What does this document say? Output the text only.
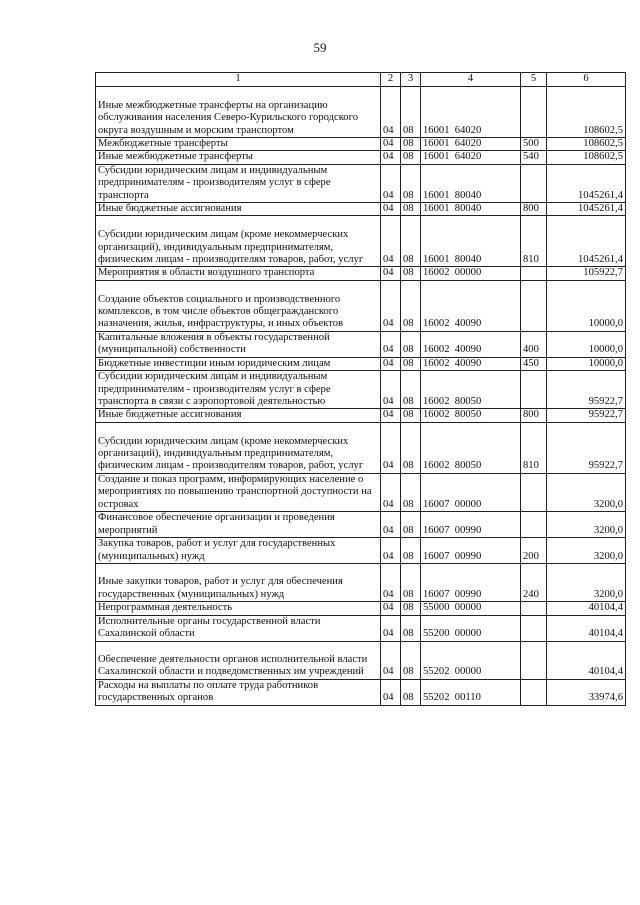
59
1	2	3	4	5	6
Иные межбюджетные трансферты на организацию обслуживания населения Северо-Курильского городского округа воздушным и морским транспортом	04	08	16001  64020		108602,5
Межбюджетные трансферты	04	08	16001  64020	500	108602,5
Иные межбюджетные трансферты	04	08	16001  64020	540	108602,5
Субсидии юридическим лицам и индивидуальным предпринимателям - производителям услуг в сфере транспорта	04	08	16001  80040		1045261,4
Иные бюджетные ассигнования	04	08	16001  80040	800	1045261,4
Субсидии юридическим лицам (кроме некоммерческих организаций), индивидуальным предпринимателям, физическим лицам - производителям товаров, работ, услуг	04	08	16001  80040	810	1045261,4
Мероприятия в области воздушного транспорта	04	08	16002  00000		105922,7
Создание объектов социального и производственного комплексов, в том числе объектов общегражданского назначения, жилья, инфраструктуры, и иных объектов	04	08	16002  40090		10000,0
Капитальные вложения в объекты государственной (муниципальной) собственности	04	08	16002  40090	400	10000,0
Бюджетные инвестиции иным юридическим лицам	04	08	16002  40090	450	10000,0
Субсидии юридическим лицам и индивидуальным предпринимателям - производителям услуг в сфере транспорта в связи с аэропортовой деятельностью	04	08	16002  80050		95922,7
Иные бюджетные ассигнования	04	08	16002  80050	800	95922,7
Субсидии юридическим лицам (кроме некоммерческих организаций), индивидуальным предпринимателям, физическим лицам - производителям товаров, работ, услуг	04	08	16002  80050	810	95922,7
Создание и показ программ, информирующих население о мероприятиях по повышению транспортной доступности на островах	04	08	16007  00000		3200,0
Финансовое обеспечение организации и проведения мероприятий	04	08	16007  00990		3200,0
Закупка товаров, работ и услуг для государственных (муниципальных) нужд	04	08	16007  00990	200	3200,0
Иные закупки товаров, работ и услуг для обеспечения государственных (муниципальных) нужд	04	08	16007  00990	240	3200,0
Непрограммная деятельность	04	08	55000  00000		40104,4
Исполнительные органы государственной власти Сахалинской области	04	08	55200  00000		40104,4
Обеспечение деятельности органов исполнительной власти Сахалинской области и подведомственных им учреждений	04	08	55202  00000		40104,4
Расходы на выплаты по оплате труда работников государственных органов	04	08	55202  00110		33974,6
